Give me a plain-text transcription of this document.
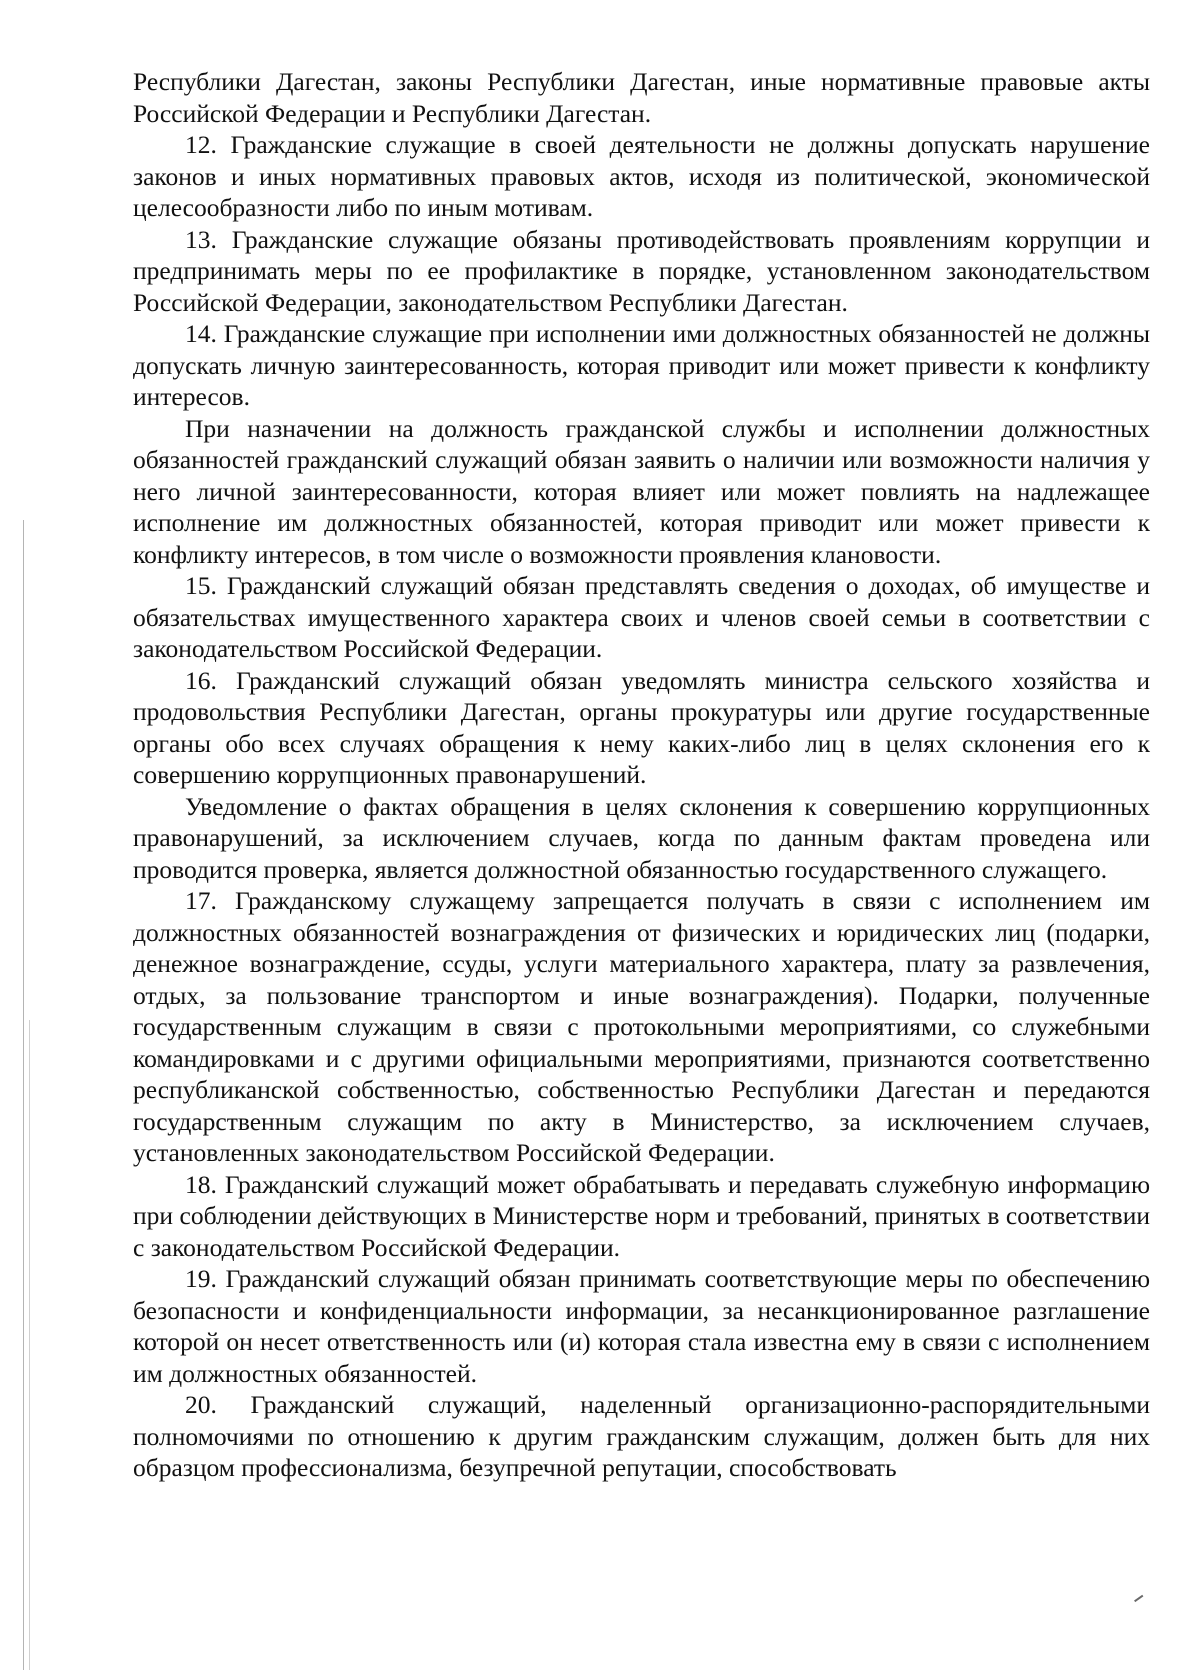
Республики Дагестан, законы Республики Дагестан, иные нормативные правовые акты Российской Федерации и Республики Дагестан.

12. Гражданские служащие в своей деятельности не должны допускать нарушение законов и иных нормативных правовых актов, исходя из политической, экономической целесообразности либо по иным мотивам.

13. Гражданские служащие обязаны противодействовать проявлениям коррупции и предпринимать меры по ее профилактике в порядке, установленном законодательством Российской Федерации, законодательством Республики Дагестан.

14. Гражданские служащие при исполнении ими должностных обязанностей не должны допускать личную заинтересованность, которая приводит или может привести к конфликту интересов.

При назначении на должность гражданской службы и исполнении должностных обязанностей гражданский служащий обязан заявить о наличии или возможности наличия у него личной заинтересованности, которая влияет или может повлиять на надлежащее исполнение им должностных обязанностей, которая приводит или может привести к конфликту интересов, в том числе о возможности проявления клановости.

15. Гражданский служащий обязан представлять сведения о доходах, об имуществе и обязательствах имущественного характера своих и членов своей семьи в соответствии с законодательством Российской Федерации.

16. Гражданский служащий обязан уведомлять министра сельского хозяйства и продовольствия Республики Дагестан, органы прокуратуры или другие государственные органы обо всех случаях обращения к нему каких-либо лиц в целях склонения его к совершению коррупционных правонарушений.

Уведомление о фактах обращения в целях склонения к совершению коррупционных правонарушений, за исключением случаев, когда по данным фактам проведена или проводится проверка, является должностной обязанностью государственного служащего.

17. Гражданскому служащему запрещается получать в связи с исполнением им должностных обязанностей вознаграждения от физических и юридических лиц (подарки, денежное вознаграждение, ссуды, услуги материального характера, плату за развлечения, отдых, за пользование транспортом и иные вознаграждения). Подарки, полученные государственным служащим в связи с протокольными мероприятиями, со служебными командировками и с другими официальными мероприятиями, признаются соответственно республиканской собственностью, собственностью Республики Дагестан и передаются государственным служащим по акту в Министерство, за исключением случаев, установленных законодательством Российской Федерации.

18. Гражданский служащий может обрабатывать и передавать служебную информацию при соблюдении действующих в Министерстве норм и требований, принятых в соответствии с законодательством Российской Федерации.

19. Гражданский служащий обязан принимать соответствующие меры по обеспечению безопасности и конфиденциальности информации, за несанкционированное разглашение которой он несет ответственность или (и) которая стала известна ему в связи с исполнением им должностных обязанностей.

20. Гражданский служащий, наделенный организационно-распорядительными полномочиями по отношению к другим гражданским служащим, должен быть для них образцом профессионализма, безупречной репутации, способствовать
